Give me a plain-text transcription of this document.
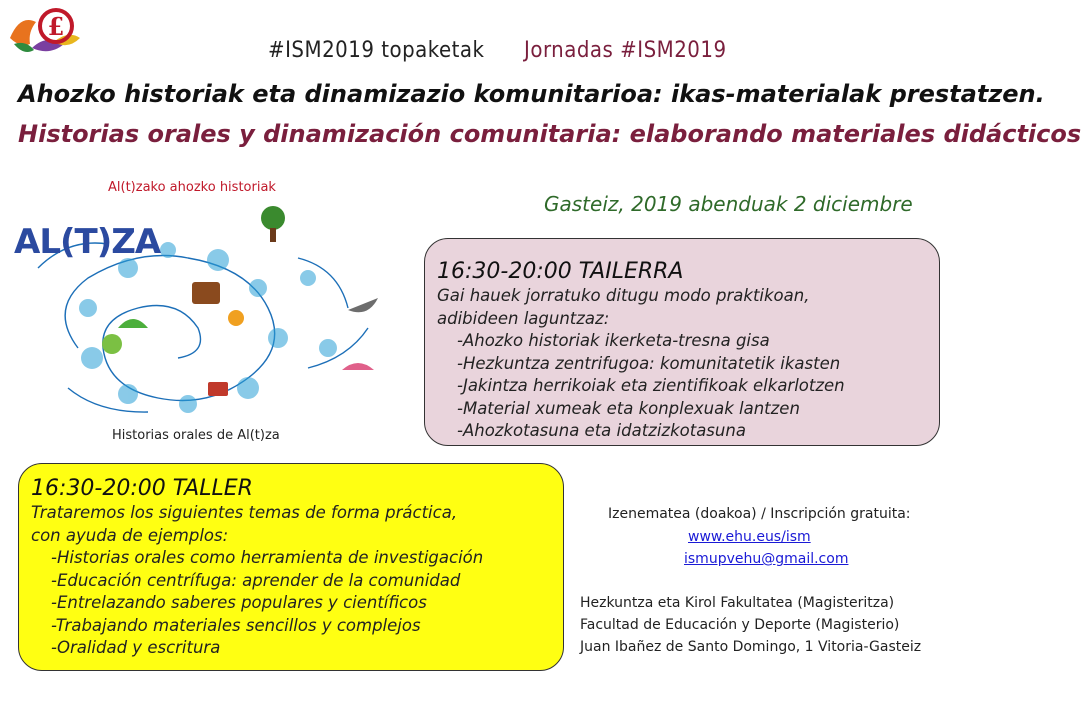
£
#ISM2019 topaketak Jornadas #ISM2019
Ahozko historiak eta dinamizazio komunitarioa: ikas-materialak prestatzen.
Historias orales y dinamización comunitaria: elaborando materiales didácticos
Al(t)zako ahozko historiak
AL(T)ZA
Historias orales de Al(t)za
Gasteiz, 2019 abenduak 2 diciembre
16:30-20:00 TAILERRA
Gai hauek jorratuko ditugu modo praktikoan,
adibideen laguntzaz:
-Ahozko historiak ikerketa-tresna gisa
-Hezkuntza zentrifugoa: komunitatetik ikasten
-Jakintza herrikoiak eta zientifikoak elkarlotzen
-Material xumeak eta konplexuak lantzen
-Ahozkotasuna eta idatzizkotasuna
16:30-20:00 TALLER
Trataremos los siguientes temas de forma práctica,
con ayuda de ejemplos:
-Historias orales como herramienta de investigación
-Educación centrífuga: aprender de la comunidad
-Entrelazando saberes populares y científicos
-Trabajando materiales sencillos y complejos
-Oralidad y escritura
Izenematea (doakoa) / Inscripción gratuita:
www.ehu.eus/ism
ismupvehu@gmail.com
Hezkuntza eta Kirol Fakultatea (Magisteritza)
Facultad de Educación y Deporte (Magisterio)
Juan Ibañez de Santo Domingo, 1 Vitoria-Gasteiz
